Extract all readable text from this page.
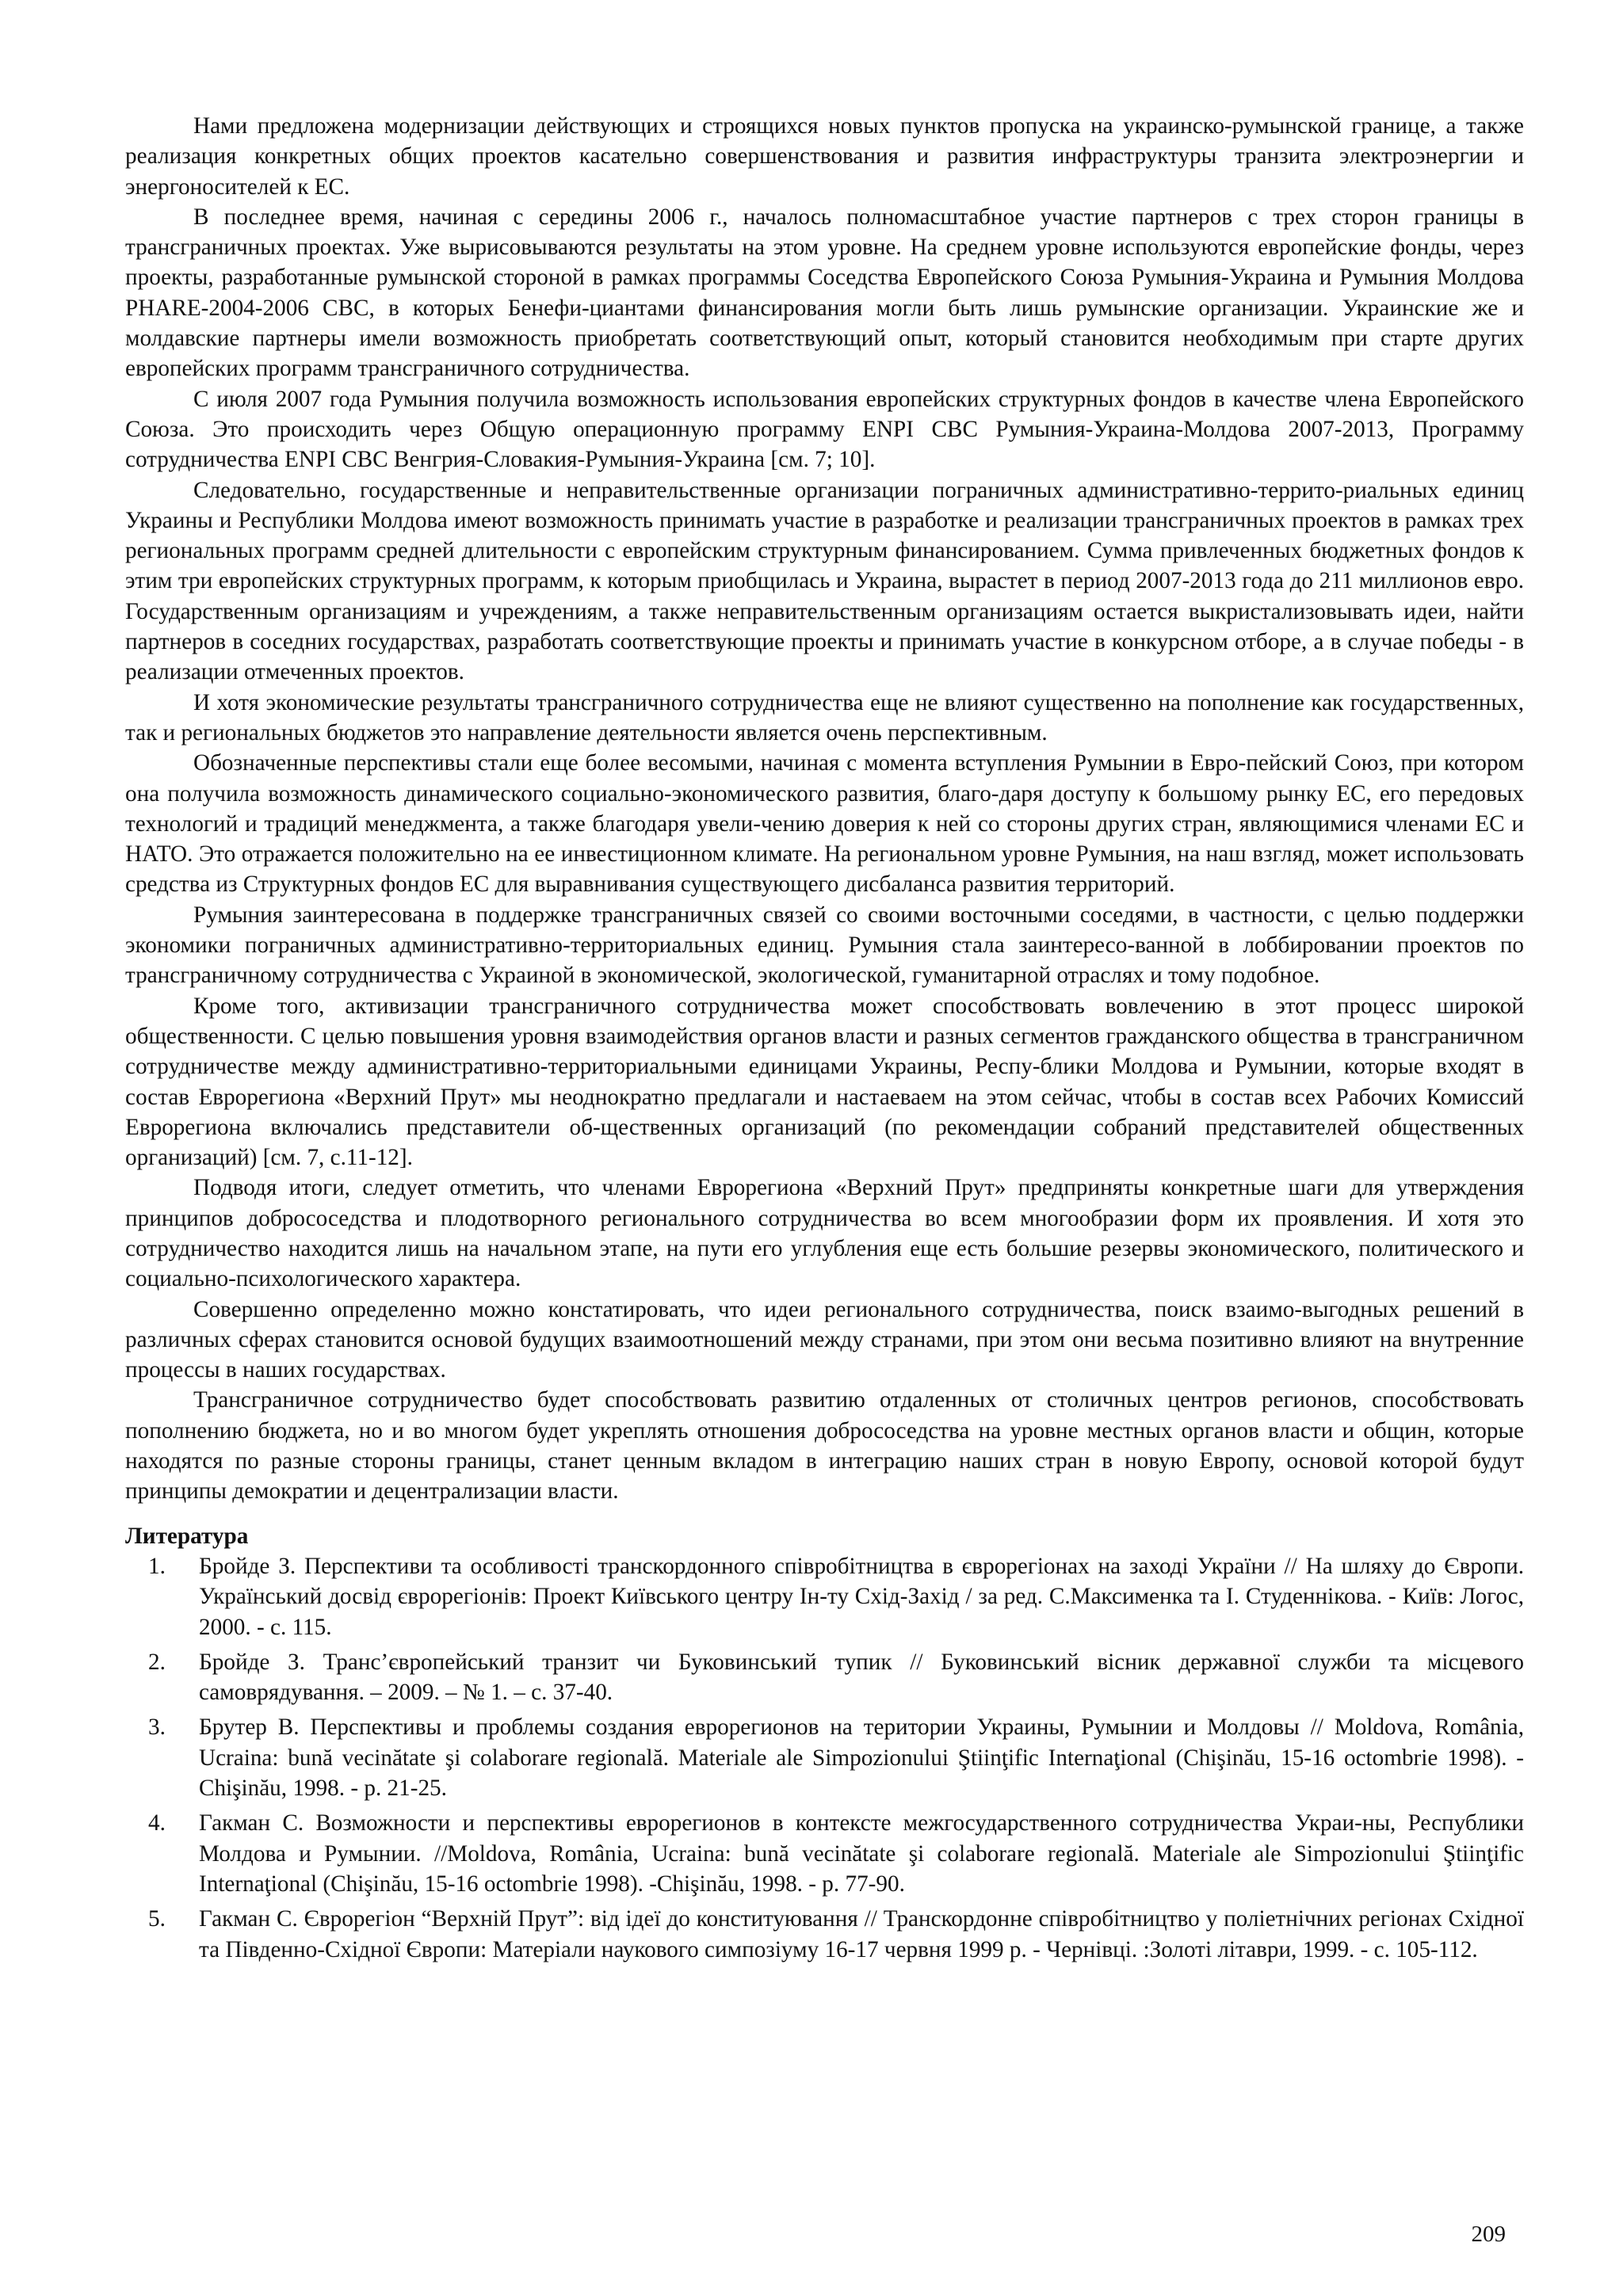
Нами предложена модернизации действующих и строящихся новых пунктов пропуска на украинско-румынской границе, а также реализация конкретных общих проектов касательно совершенствования и развития инфраструктуры транзита электроэнергии и энергоносителей к ЕС.

В последнее время, начиная с середины 2006 г., началось полномасштабное участие партнеров с трех сторон границы в трансграничных проектах. Уже вырисовываются результаты на этом уровне. На среднем уровне используются европейские фонды, через проекты, разработанные румынской стороной в рамках программы Соседства Европейского Союза Румыния-Украина и Румыния Молдова PHARE-2004-2006 CBC, в которых Бенефи-циантами финансирования могли быть лишь румынские организации. Украинские же и молдавские партнеры имели возможность приобретать соответствующий опыт, который становится необходимым при старте других европейских программ трансграничного сотрудничества.

С июля 2007 года Румыния получила возможность использования европейских структурных фондов в качестве члена Европейского Союза. Это происходить через Общую операционную программу ENPI CBC Румыния-Украина-Молдова 2007-2013, Программу сотрудничества ENPI CBC Венгрия-Словакия-Румыния-Украина [см. 7; 10].

Следовательно, государственные и неправительственные организации пограничных административно-террито-риальных единиц Украины и Республики Молдова имеют возможность принимать участие в разработке и реализации трансграничных проектов в рамках трех региональных программ средней длительности с европейским структурным финансированием. Сумма привлеченных бюджетных фондов к этим три европейских структурных программ, к которым приобщилась и Украина, вырастет в период 2007-2013 года до 211 миллионов евро. Государственным организациям и учреждениям, а также неправительственным организациям остается выкристализовывать идеи, найти партнеров в соседних государствах, разработать соответствующие проекты и принимать участие в конкурсном отборе, а в случае победы - в реализации отмеченных проектов.

И хотя экономические результаты трансграничного сотрудничества еще не влияют существенно на пополнение как государственных, так и региональных бюджетов это направление деятельности является очень перспективным.

Обозначенные перспективы стали еще более весомыми, начиная с момента вступления Румынии в Евро-пейский Союз, при котором она получила возможность динамического социально-экономического развития, благо-даря доступу к большому рынку ЕС, его передовых технологий и традиций менеджмента, а также благодаря увели-чению доверия к ней со стороны других стран, являющимися членами ЕС и НАТО. Это отражается положительно на ее инвестиционном климате. На региональном уровне Румыния, на наш взгляд, может использовать средства из Структурных фондов ЕС для выравнивания существующего дисбаланса развития территорий.

Румыния заинтересована в поддержке трансграничных связей со своими восточными соседями, в частности, с целью поддержки экономики пограничных административно-территориальных единиц. Румыния стала заинтересо-ванной в лоббировании проектов по трансграничному сотрудничества с Украиной в экономической, экологической, гуманитарной отраслях и тому подобное.

Кроме того, активизации трансграничного сотрудничества может способствовать вовлечению в этот процесс широкой общественности. С целью повышения уровня взаимодействия органов власти и разных сегментов гражданского общества в трансграничном сотрудничестве между административно-территориальными единицами Украины, Респу-блики Молдова и Румынии, которые входят в состав Еврорегиона «Верхний Прут» мы неоднократно предлагали и настаеваем на этом сейчас, чтобы в состав всех Рабочих Комиссий Еврорегиона включались представители об-щественных организаций (по рекомендации собраний представителей общественных организаций) [см. 7, с.11-12].

Подводя итоги, следует отметить, что членами Еврорегиона «Верхний Прут» предприняты конкретные шаги для утверждения принципов добрососедства и плодотворного регионального сотрудничества во всем многообразии форм их проявления. И хотя это сотрудничество находится лишь на начальном этапе, на пути его углубления еще есть большие резервы экономического, политического и социально-психологического характера.

Совершенно определенно можно констатировать, что идеи регионального сотрудничества, поиск взаимо-выгодных решений в различных сферах становится основой будущих взаимоотношений между странами, при этом они весьма позитивно влияют на внутренние процессы в наших государствах.

Трансграничное сотрудничество будет способствовать развитию отдаленных от столичных центров регионов, способствовать пополнению бюджета, но и во многом будет укреплять отношения добрососедства на уровне местных органов власти и общин, которые находятся по разные стороны границы, станет ценным вкладом в интеграцию наших стран в новую Европу, основой которой будут принципы демократии и децентрализации власти.

Литература
1. Бройде З. Перспективи та особливості транскордонного співробітництва в єврорегіонах на заході України // На шляху до Європи. Український досвід єврорегіонів: Проект Київського центру Ін-ту Схід-Захід / за ред. С.Максименка та І. Студеннікова. - Київ: Логос, 2000. - с. 115.
2. Бройде З. Транс’європейський транзит чи Буковинський тупик // Буковинський вісник державної служби та місцевого самоврядування. – 2009. – № 1. – с. 37-40.
3. Брутер В. Перспективы и проблемы создания еврорегионов на територии Украины, Румынии и Молдовы // Moldova, România, Ucraina: bună vecinătate şi colaborare regională. Materiale ale Simpozionului Ştiinţific Internaţional (Chişinău, 15-16 octombrie 1998). - Chişinău, 1998. - p. 21-25.
4. Гакман С. Возможности и перспективы еврорегионов в контексте межгосударственного сотрудничества Украи-ны, Республики Молдова и Румынии. //Moldova, România, Ucraina: bună vecinătate şi colaborare regională. Materiale ale Simpozionului Ştiinţific Internaţional (Chişinău, 15-16 octombrie 1998). -Chişinău, 1998. - p. 77-90.
5. Гакман С. Єврорегіон “Верхній Прут”: від ідеї до конституювання // Транскордонне співробітництво у поліетнічних регіонах Східної та Південно-Східної Європи: Матеріали наукового симпозіуму 16-17 червня 1999 р. - Чернівці. :Золоті літаври, 1999. - с. 105-112.
209
